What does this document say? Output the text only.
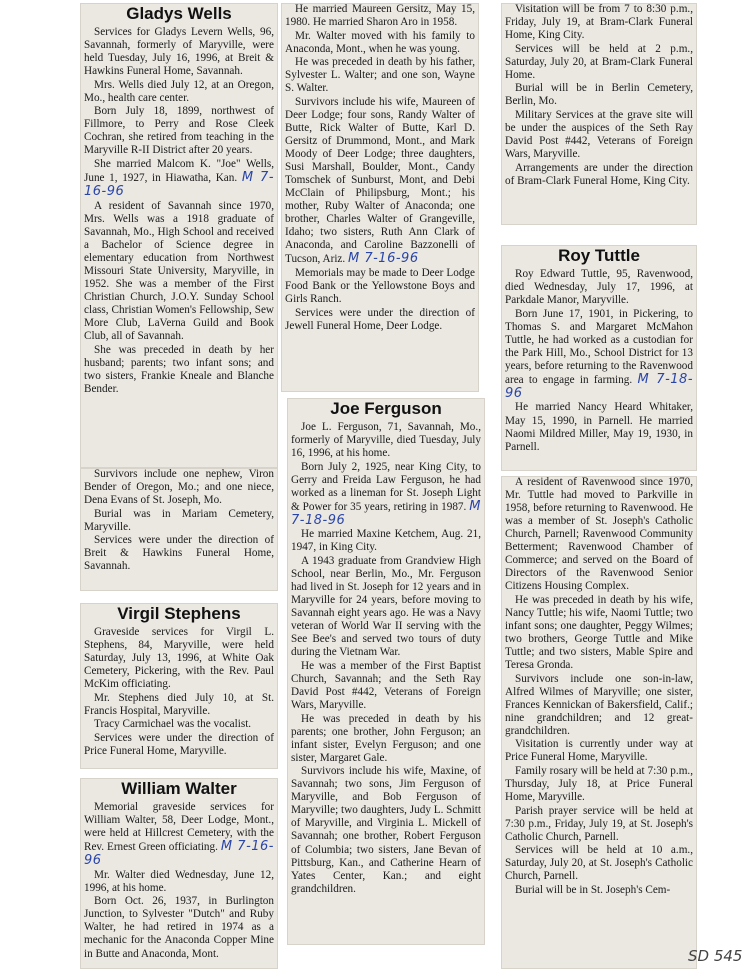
Gladys Wells

Services for Gladys Levern Wells, 96, Savannah, formerly of Maryville, were held Tuesday, July 16, 1996, at Breit & Hawkins Funeral Home, Savannah.

Mrs. Wells died July 12, at an Oregon, Mo., health care center.

Born July 18, 1899, northwest of Fillmore, to Perry and Rose Cleek Cochran, she retired from teaching in the Maryville R-II District after 20 years.

She married Malcom K. "Joe" Wells, June 1, 1927, in Hiawatha, Kan. M 7-16-96

A resident of Savannah since 1970, Mrs. Wells was a 1918 graduate of Savannah, Mo., High School and received a Bachelor of Science degree in elementary education from Northwest Missouri State University, Maryville, in 1952. She was a member of the First Christian Church, J.O.Y. Sunday School class, Christian Women's Fellowship, Sew More Club, LaVerna Guild and Book Club, all of Savannah.

She was preceded in death by her husband; parents; two infant sons; and two sisters, Frankie Kneale and Blanche Bender.

Survivors include one nephew, Viron Bender of Oregon, Mo.; and one niece, Dena Evans of St. Joseph, Mo.

Burial was in Mariam Cemetery, Maryville.

Services were under the direction of Breit & Hawkins Funeral Home, Savannah.

Virgil Stephens

Graveside services for Virgil L. Stephens, 84, Maryville, were held Saturday, July 13, 1996, at White Oak Cemetery, Pickering, with the Rev. Paul McKim officiating.

Mr. Stephens died July 10, at St. Francis Hospital, Maryville.

Tracy Carmichael was the vocalist.

Services were under the direction of Price Funeral Home, Maryville.

William Walter

Memorial graveside services for William Walter, 58, Deer Lodge, Mont., were held at Hillcrest Cemetery, with the Rev. Ernest Green officiating. M 7-16-96

Mr. Walter died Wednesday, June 12, 1996, at his home.

Born Oct. 26, 1937, in Burlington Junction, to Sylvester "Dutch" and Ruby Walter, he had retired in 1974 as a mechanic for the Anaconda Copper Mine in Butte and Anaconda, Mont.

He married Maureen Gersitz, May 15, 1980. He married Sharon Aro in 1958.

Mr. Walter moved with his family to Anaconda, Mont., when he was young.

He was preceded in death by his father, Sylvester L. Walter; and one son, Wayne S. Walter.

Survivors include his wife, Maureen of Deer Lodge; four sons, Randy Walter of Butte, Rick Walter of Butte, Karl D. Gersitz of Drummond, Mont., and Mark Moody of Deer Lodge; three daughters, Susi Marshall, Boulder, Mont., Candy Tomschek of Sunburst, Mont, and Debi McClain of Philipsburg, Mont.; his mother, Ruby Walter of Anaconda; one brother, Charles Walter of Grangeville, Idaho; two sisters, Ruth Ann Clark of Anaconda, and Caroline Bazzonelli of Tucson, Ariz. M 7-16-96

Memorials may be made to Deer Lodge Food Bank or the Yellowstone Boys and Girls Ranch.

Services were under the direction of Jewell Funeral Home, Deer Lodge.

Joe Ferguson

Joe L. Ferguson, 71, Savannah, Mo., formerly of Maryville, died Tuesday, July 16, 1996, at his home.

Born July 2, 1925, near King City, to Gerry and Freida Law Ferguson, he had worked as a lineman for St. Joseph Light & Power for 35 years, retiring in 1987. M 7-18-96

He married Maxine Ketchem, Aug. 21, 1947, in King City.

A 1943 graduate from Grandview High School, near Berlin, Mo., Mr. Ferguson had lived in St. Joseph for 12 years and in Maryville for 24 years, before moving to Savannah eight years ago. He was a Navy veteran of World War II serving with the See Bee's and served two tours of duty during the Vietnam War.

He was a member of the First Baptist Church, Savannah; and the Seth Ray David Post #442, Veterans of Foreign Wars, Maryville.

He was preceded in death by his parents; one brother, John Ferguson; an infant sister, Evelyn Ferguson; and one sister, Margaret Gale.

Survivors include his wife, Maxine, of Savannah; two sons, Jim Ferguson of Maryville, and Bob Ferguson of Maryville; two daughters, Judy L. Schmitt of Maryville, and Virginia L. Mickell of Savannah; one brother, Robert Ferguson of Columbia; two sisters, Jane Bevan of Pittsburg, Kan., and Catherine Hearn of Yates Center, Kan.; and eight grandchildren.

Visitation will be from 7 to 8:30 p.m., Friday, July 19, at Bram-Clark Funeral Home, King City.

Services will be held at 2 p.m., Saturday, July 20, at Bram-Clark Funeral Home.

Burial will be in Berlin Cemetery, Berlin, Mo.

Military Services at the grave site will be under the auspices of the Seth Ray David Post #442, Veterans of Foreign Wars, Maryville.

Arrangements are under the direction of Bram-Clark Funeral Home, King City.

Roy Tuttle

Roy Edward Tuttle, 95, Ravenwood, died Wednesday, July 17, 1996, at Parkdale Manor, Maryville.

Born June 17, 1901, in Pickering, to Thomas S. and Margaret McMahon Tuttle, he had worked as a custodian for the Park Hill, Mo., School District for 13 years, before returning to the Ravenwood area to engage in farming. M 7-18-96

He married Nancy Heard Whitaker, May 15, 1990, in Parnell. He married Naomi Mildred Miller, May 19, 1930, in Parnell.

A resident of Ravenwood since 1970, Mr. Tuttle had moved to Parkville in 1958, before returning to Ravenwood. He was a member of St. Joseph's Catholic Church, Parnell; Ravenwood Community Betterment; Ravenwood Chamber of Commerce; and served on the Board of Directors of the Ravenwood Senior Citizens Housing Complex.

He was preceded in death by his wife, Nancy Tuttle; his wife, Naomi Tuttle; two infant sons; one daughter, Peggy Wilmes; two brothers, George Tuttle and Mike Tuttle; and two sisters, Mable Spire and Teresa Gronda.

Survivors include one son-in-law, Alfred Wilmes of Maryville; one sister, Frances Kennickan of Bakersfield, Calif.; nine grandchildren; and 12 great-grandchildren.

Visitation is currently under way at Price Funeral Home, Maryville.

Family rosary will be held at 7:30 p.m., Thursday, July 18, at Price Funeral Home, Maryville.

Parish prayer service will be held at 7:30 p.m., Friday, July 19, at St. Joseph's Catholic Church, Parnell.

Services will be held at 10 a.m., Saturday, July 20, at St. Joseph's Catholic Church, Parnell.

Burial will be in St. Joseph's Cem-

SD 545
